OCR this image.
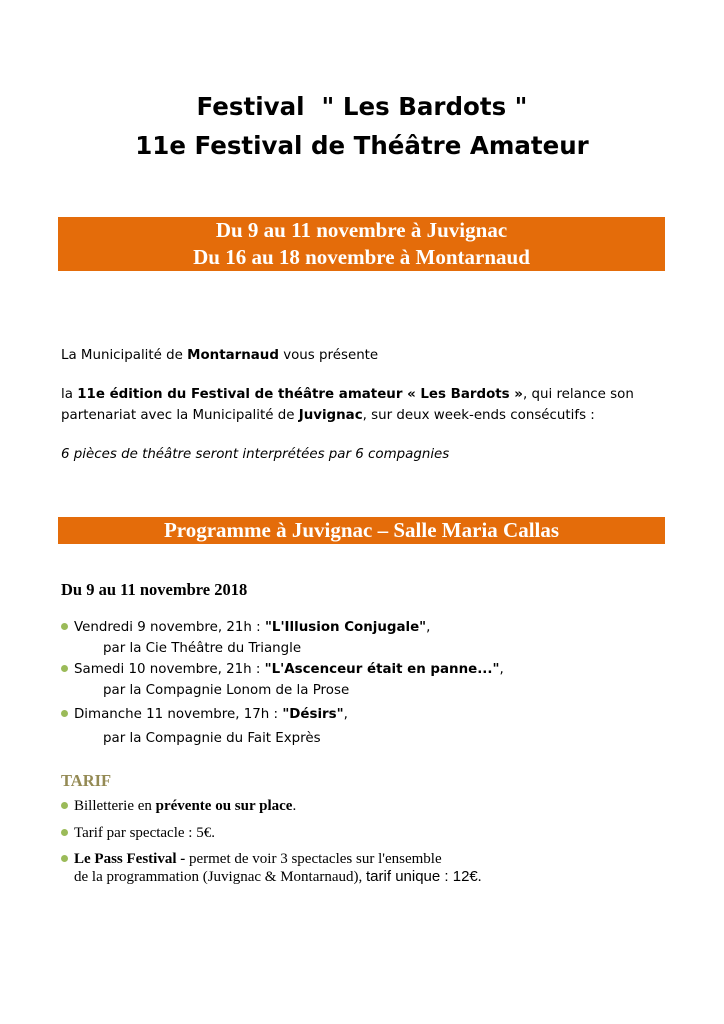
Festival  " Les Bardots "
11e Festival de Théâtre Amateur
Du 9 au 11 novembre à Juvignac
Du 16 au 18 novembre à Montarnaud
La Municipalité de Montarnaud vous présente
la 11e édition du Festival de théâtre amateur « Les Bardots », qui relance son
partenariat avec la Municipalité de Juvignac, sur deux week-ends consécutifs :
6 pièces de théâtre seront interprétées par 6 compagnies
Programme à Juvignac – Salle Maria Callas
Du 9 au 11 novembre 2018
Vendredi 9 novembre, 21h : "L'Illusion Conjugale",
par la Cie Théâtre du Triangle
Samedi 10 novembre, 21h : "L'Ascenceur était en panne...",
par la Compagnie Lonom de la Prose
Dimanche 11 novembre, 17h : "Désirs",
par la Compagnie du Fait Exprès
TARIF
Billetterie en prévente ou sur place.
Tarif par spectacle : 5€.
Le Pass Festival - permet de voir 3 spectacles sur l'ensemble
de la programmation (Juvignac & Montarnaud), tarif unique : 12€.
